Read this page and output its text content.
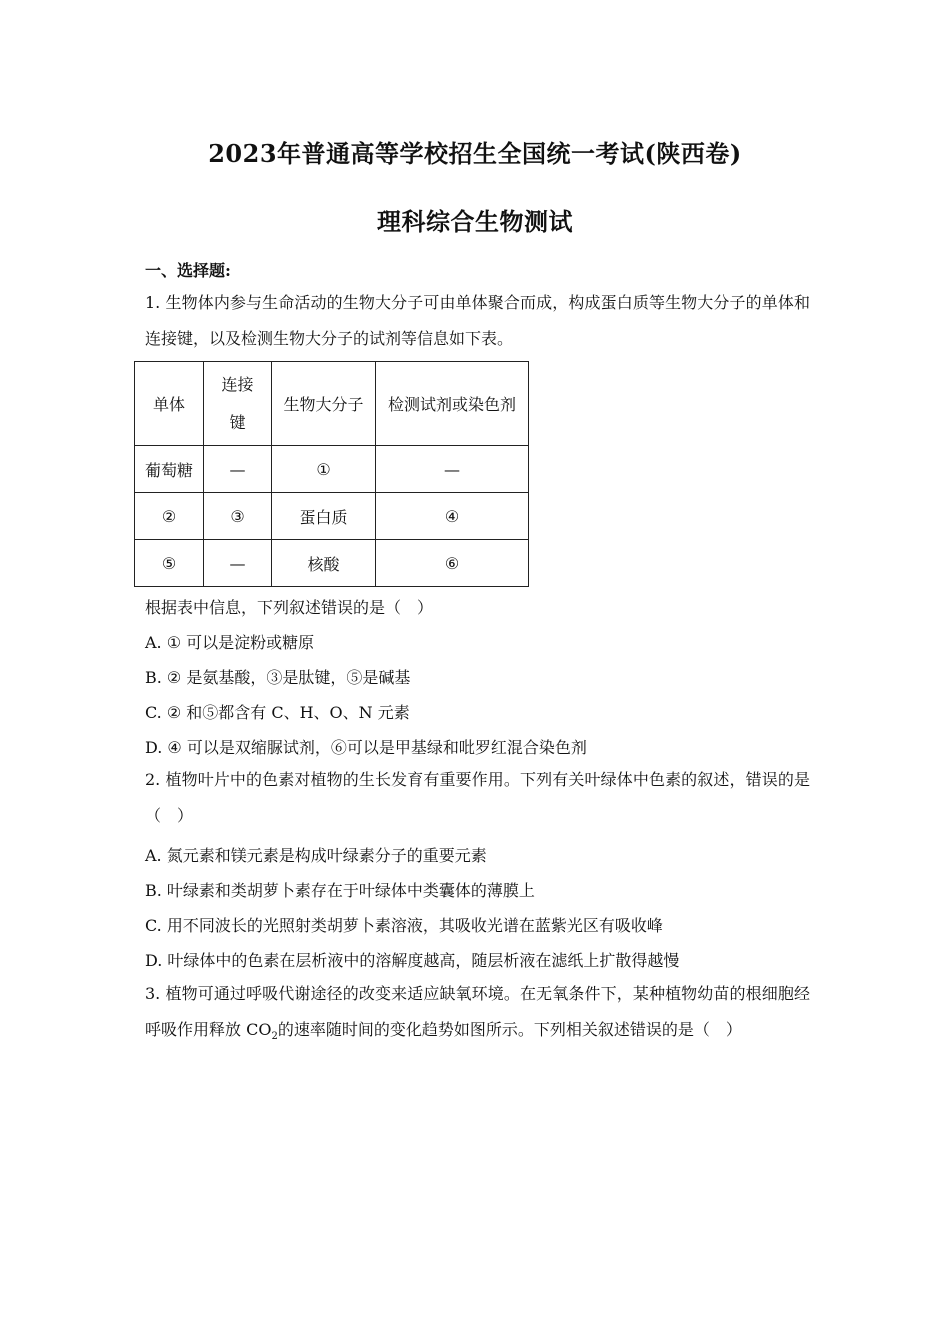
2023年普通高等学校招生全国统一考试(陕西卷)
理科综合生物测试
一、选择题:
1. 生物体内参与生命活动的生物大分子可由单体聚合而成，构成蛋白质等生物大分子的单体和连接键，以及检测生物大分子的试剂等信息如下表。
单体	连接键	生物大分子	检测试剂或染色剂
葡萄糖	—	①	—
②	③	蛋白质	④
⑤	—	核酸	⑥
根据表中信息，下列叙述错误的是（　）
A. ① 可以是淀粉或糖原
B. ② 是氨基酸，③是肽键，⑤是碱基
C. ② 和⑤都含有 C、H、O、N 元素
D. ④ 可以是双缩脲试剂，⑥可以是甲基绿和吡罗红混合染色剂
2. 植物叶片中的色素对植物的生长发育有重要作用。下列有关叶绿体中色素的叙述，错误的是（　）
A. 氮元素和镁元素是构成叶绿素分子的重要元素
B. 叶绿素和类胡萝卜素存在于叶绿体中类囊体的薄膜上
C. 用不同波长的光照射类胡萝卜素溶液，其吸收光谱在蓝紫光区有吸收峰
D. 叶绿体中的色素在层析液中的溶解度越高，随层析液在滤纸上扩散得越慢
3. 植物可通过呼吸代谢途径的改变来适应缺氧环境。在无氧条件下，某种植物幼苗的根细胞经呼吸作用释放 $CO_2$的速率随时间的变化趋势如图所示。下列相关叙述错误的是（　）
